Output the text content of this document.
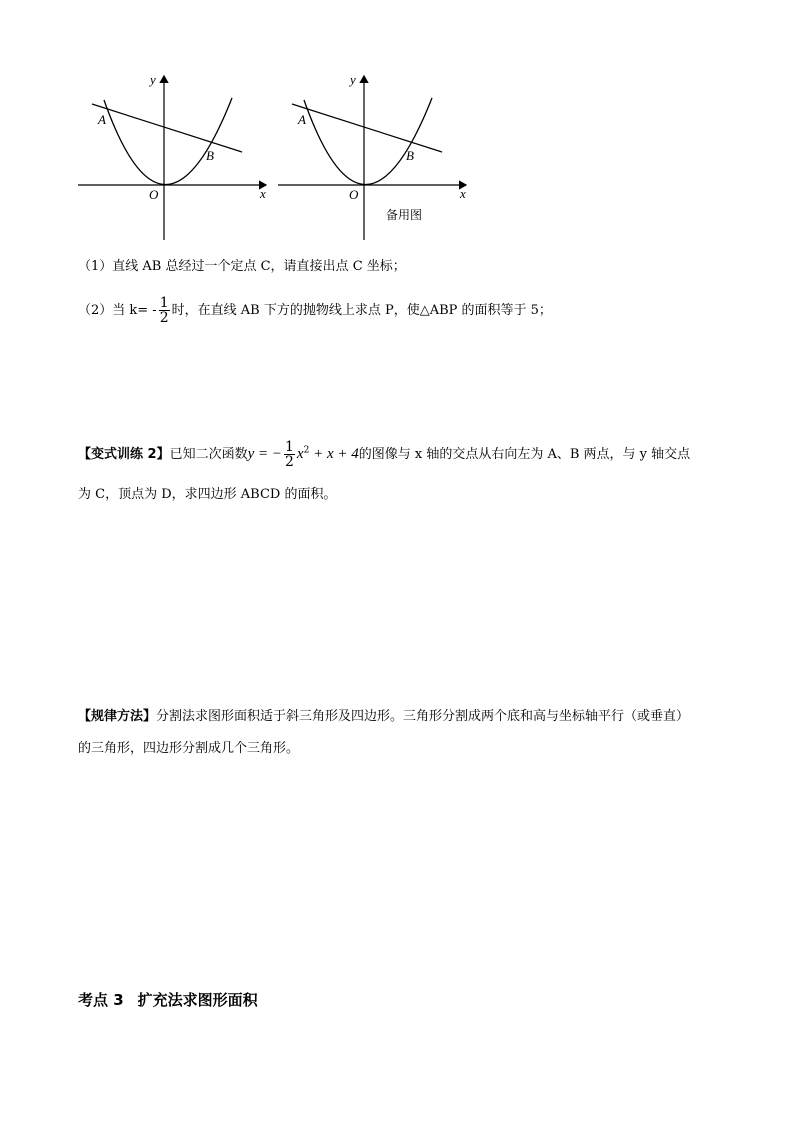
y
x
O
A
B
y
x
O
A
B
备用图
（1）直线 AB 总经过一个定点 C，请直接出点 C 坐标；
（2）当 $k= - \frac{1}{2}$ 时，在直线 AB 下方的抛物线上求点 P，使△ABP 的面积等于 5；
【变式训练 2】已知二次函数y = − $\frac{1}{2} x^2 + x + 4$的图像与 x 轴的交点从右向左为 A、B 两点，与 y 轴交点
为 C，顶点为 D，求四边形 ABCD 的面积。
【规律方法】分割法求图形面积适于斜三角形及四边形。三角形分割成两个底和高与坐标轴平行（或垂直）
的三角形，四边形分割成几个三角形。
考点 3 扩充法求图形面积
